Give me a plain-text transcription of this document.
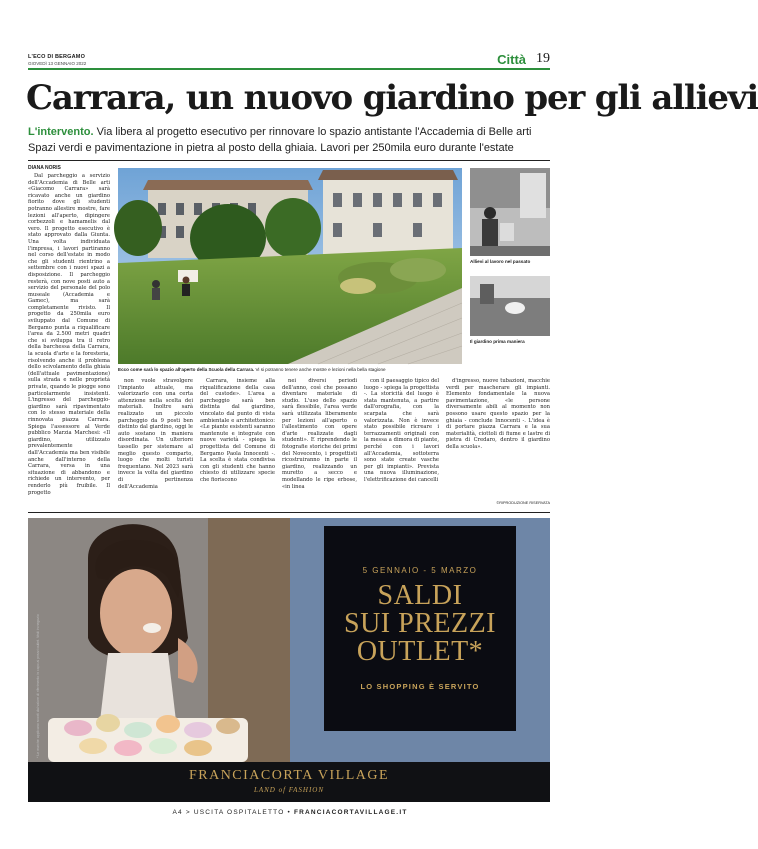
L'ECO DI BERGAMO
GIOVEDÌ 13 GENNAIO 2022	Città 19
Carrara, un nuovo giardino per gli allievi
L'intervento. Via libera al progetto esecutivo per rinnovare lo spazio antistante l'Accademia di Belle arti Spazi verdi e pavimentazione in pietra al posto della ghiaia. Lavori per 250mila euro durante l'estate
DIANA NORIS

Dal parcheggio a servizio dell'Accademia di Belle arti «Giacomo Carrara» sarà ricavato anche un giardino fiorito dove gli studenti potranno allestire mostre, fare lezioni all'aperto, dipingere corbezzoli e hamamelis dal vero. Il progetto esecutivo è stato approvato dalla Giunta. Una volta individuata l'impresa, i lavori partiranno nel corso dell'estate in modo che gli studenti rientrino a settembre con i nuovi spazi a disposizione. Il parcheggio resterà, con nove posti auto a servizio del personale del polo museale (Accademia e Gamec), ma sarà completamente rivisto. Il progetto da 250mila euro sviluppato dal Comune di Bergamo punta a riqualificare l'area da 2.500 metri quadri che si sviluppa tra il retro della barchessa della Carrara, la scuola d'arte e la foresteria, risolvendo anche il problema dello scivolamento della ghiaia (dell'attuale pavimentazione) sulla strada e nelle proprietà private, quando le piogge sono particolarmente insistenti. L'ingresso del parcheggio-giardino sarà ripavimentato con lo stesso materiale della rinnovata piazza Carrara. Spiega l'assessore al Verde pubblico Marzia Marchesi: «Il giardino, utilizzato prevalentemente dall'Accademia ma ben visibile anche dall'interno della Carrara, versa in una situazione di abbandono e richiede un intervento, per renderlo più fruibile. Il progetto

Ecco come sarà lo spazio all'aperto della Scuola della Carrara. Vi si potranno tenere anche mostre e lezioni nella bella stagione
Allievi al lavoro nel passato
Il giardino prima maniera

non vuole stravolgere l'impianto attuale, ma valorizzarlo con una certa attenzione nella scelta dei materiali. Inoltre sarà realizzato un piccolo parcheggio da 9 posti ben distinto dal giardino, oggi le auto sostano in maniera disordinata. Un ulteriore tassello per sistemare al meglio questo comparto, luogo che molti turisti frequentano. Nel 2023 sarà invece la volta del giardino di pertinenza dell'Accademia

Carrara, insieme alla riqualificazione della casa del custode». L'area a parcheggio sarà ben distinta dal giardino, vincolato dal punto di vista ambientale e architettonico: «Le piante esistenti saranno mantenute e integrate con nuove varietà - spiega la progettista del Comune di Bergamo Paola Innocenti -. La scelta è stata condivisa con gli studenti che hanno chiesto di utilizzare specie che fioriscono

nei diversi periodi dell'anno, così che possano diventare materiale di studio. L'uso dello spazio sarà flessibile, l'area verde sarà utilizzata liberamente per lezioni all'aperto o l'allestimento con opere d'arte realizzate dagli studenti». E riprendendo le fotografie storiche dei primi del Novecento, i progettisti ricostruiranno in parte il giardino, realizzando un muretto a secco e modellando le ripe erbose, «in linea

con il paesaggio tipico del luogo - spiega la progettista -. La storicità del luogo è stata mantenuta, a partire dall'orografia, con la scarpata che sarà valorizzata. Non è invece stato possibile ricreare i terrazzamenti originali con la messa a dimora di piante, perché con i lavori all'Accademia, sottoterra sono state create vasche per gli impianti». Prevista una nuova illuminazione, l'elettrificazione dei cancelli

d'ingresso, nuove tubazioni, macchie verdi per mascherare gli impianti. Elemento fondamentale la nuova pavimentazione, «le persone diversamente abili al momento non possono usare questo spazio per la ghiaia - conclude Innocenti -. L'idea è di portare piazza Carrara e la sua materialità, ciottoli di fiume e lastre di pietra di Credaro, dentro il giardino della scuola».

©RIPRODUZIONE RISERVATA
* Le marche applicano sconti dal valore di riferimento in capo ai prezzi outlet. Vedi in negozio
5 GENNAIO - 5 MARZO
SALDI
SUI PREZZI
OUTLET*
LO SHOPPING È SERVITO
FRANCIACORTA VILLAGE
LAND of FASHION
A4 > USCITA OSPITALETTO • FRANCIACORTAVILLAGE.IT
